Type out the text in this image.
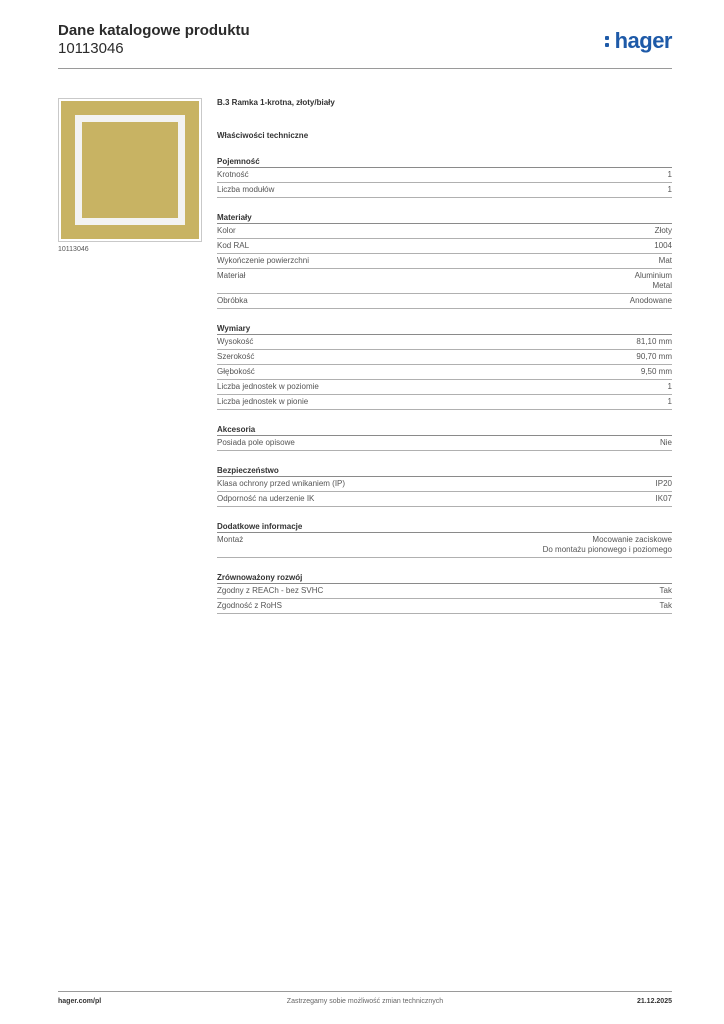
Dane katalogowe produktu
10113046	hager
10113046
B.3 Ramka 1-krotna, złoty/biały
Właściwości techniczne
Pojemność
Krotność	1
Liczba modułów	1
Materiały
Kolor	Złoty
Kod RAL	1004
Wykończenie powierzchni	Mat
Materiał	Aluminium
Metal
Obróbka	Anodowane
Wymiary
Wysokość	81,10 mm
Szerokość	90,70 mm
Głębokość	9,50 mm
Liczba jednostek w poziomie	1
Liczba jednostek w pionie	1
Akcesoria
Posiada pole opisowe	Nie
Bezpieczeństwo
Klasa ochrony przed wnikaniem (IP)	IP20
Odporność na uderzenie IK	IK07
Dodatkowe informacje
Montaż	Mocowanie zaciskowe
Do montażu pionowego i poziomego
Zrównoważony rozwój
Zgodny z REACh - bez SVHC	Tak
Zgodność z RoHS	Tak
hager.com/pl	Zastrzegamy sobie możliwość zmian technicznych	21.12.2025
